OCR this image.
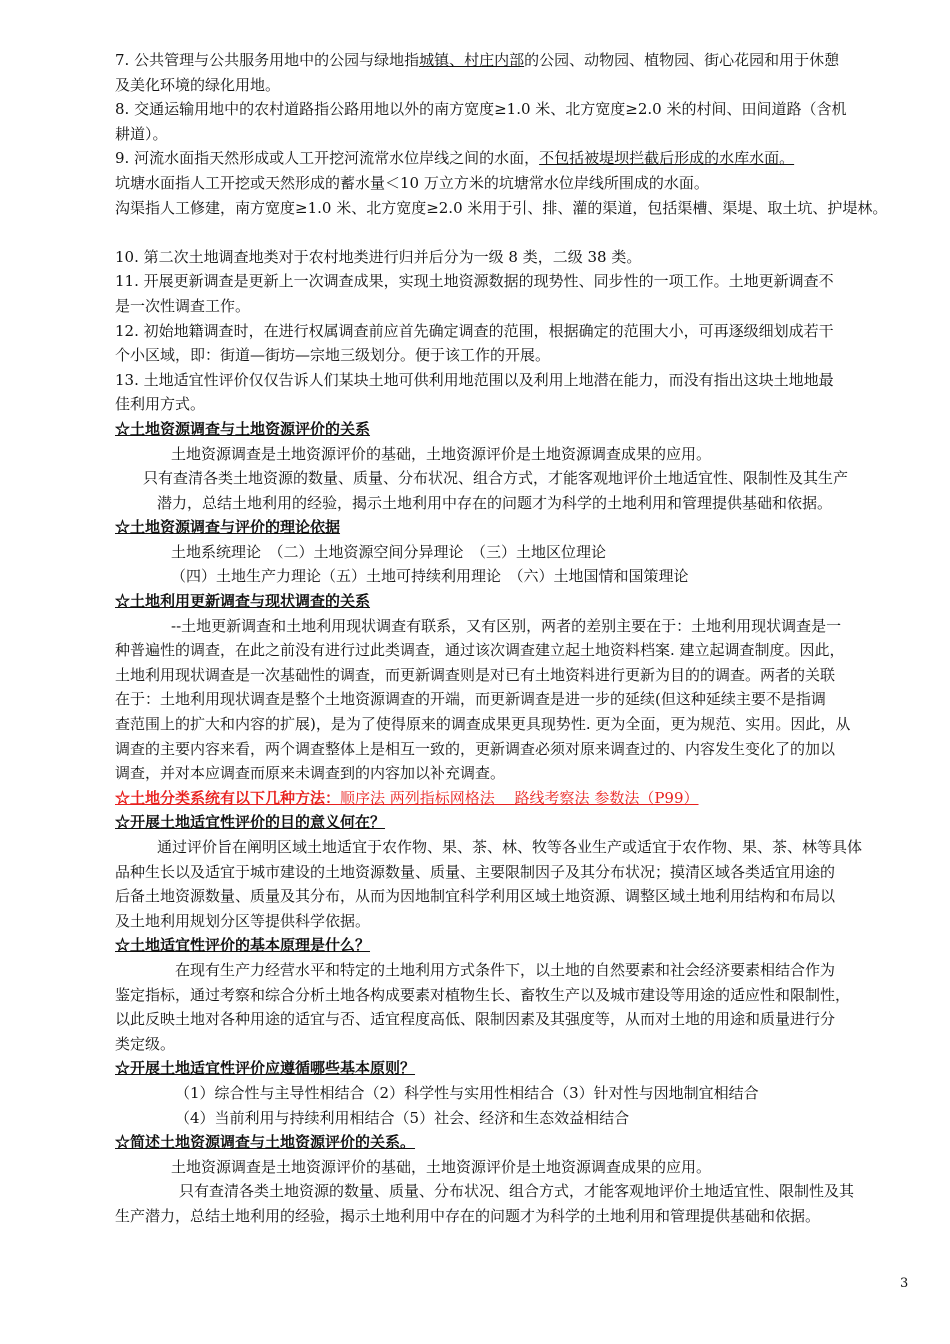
7. 公共管理与公共服务用地中的公园与绿地指城镇、村庄内部的公园、动物园、植物园、街心花园和用于休憩

及美化环境的绿化用地。

8. 交通运输用地中的农村道路指公路用地以外的南方宽度≥1.0 米、北方宽度≥2.0 米的村间、田间道路（含机

耕道）。

9. 河流水面指天然形成或人工开挖河流常水位岸线之间的水面，不包括被堤坝拦截后形成的水库水面。

坑塘水面指人工开挖或天然形成的蓄水量＜10 万立方米的坑塘常水位岸线所围成的水面。

沟渠指人工修建，南方宽度≥1.0 米、北方宽度≥2.0 米用于引、排、灌的渠道，包括渠槽、渠堤、取土坑、护堤林。

10. 第二次土地调查地类对于农村地类进行归并后分为一级 8 类，二级 38 类。

11. 开展更新调查是更新上一次调查成果，实现土地资源数据的现势性、同步性的一项工作。土地更新调查不

是一次性调查工作。

12. 初始地籍调查时，在进行权属调查前应首先确定调查的范围，根据确定的范围大小，可再逐级细划成若干

个小区域，即：街道—街坊—宗地三级划分。便于该工作的开展。

13. 土地适宜性评价仅仅告诉人们某块土地可供利用地范围以及利用上地潜在能力，而没有指出这块土地地最

佳利用方式。

☆土地资源调查与土地资源评价的关系

土地资源调查是土地资源评价的基础，土地资源评价是土地资源调查成果的应用。

只有查清各类土地资源的数量、质量、分布状况、组合方式，才能客观地评价土地适宜性、限制性及其生产

潜力，总结土地利用的经验，揭示土地利用中存在的问题才为科学的土地利用和管理提供基础和依据。

☆土地资源调查与评价的理论依据

土地系统理论　（二）土地资源空间分异理论　（三）土地区位理论

（四）土地生产力理论（五）土地可持续利用理论　（六）土地国情和国策理论

☆土地利用更新调查与现状调查的关系

--土地更新调查和土地利用现状调查有联系，又有区别，两者的差别主要在于：土地利用现状调查是一

种普遍性的调查，在此之前没有进行过此类调查，通过该次调查建立起土地资料档案. 建立起调查制度。因此，

土地利用现状调查是一次基础性的调查，而更新调查则是对已有土地资料进行更新为目的的调查。两者的关联

在于：土地利用现状调查是整个土地资源调查的开端，而更新调查是进一步的延续(但这种延续主要不是指调

查范围上的扩大和内容的扩展)，是为了使得原来的调查成果更具现势性. 更为全面，更为规范、实用。因此，从

调查的主要内容来看，两个调查整体上是相互一致的，更新调查必须对原来调查过的、内容发生变化了的加以

调查，并对本应调查而原来未调查到的内容加以补充调查。

☆土地分类系统有以下几种方法：顺序法 两列指标网格法　 路线考察法 参数法（P99）

☆开展土地适宜性评价的目的意义何在？

通过评价旨在阐明区域土地适宜于农作物、果、茶、林、牧等各业生产或适宜于农作物、果、茶、林等具体

品种生长以及适宜于城市建设的土地资源数量、质量、主要限制因子及其分布状况；摸清区域各类适宜用途的

后备土地资源数量、质量及其分布，从而为因地制宜科学利用区域土地资源、调整区域土地利用结构和布局以

及土地利用规划分区等提供科学依据。

☆土地适宜性评价的基本原理是什么？

在现有生产力经营水平和特定的土地利用方式条件下，以土地的自然要素和社会经济要素相结合作为

鉴定指标，通过考察和综合分析土地各构成要素对植物生长、畜牧生产以及城市建设等用途的适应性和限制性，

以此反映土地对各种用途的适宜与否、适宜程度高低、限制因素及其强度等，从而对土地的用途和质量进行分

类定级。

☆开展土地适宜性评价应遵循哪些基本原则？

（1）综合性与主导性相结合（2）科学性与实用性相结合（3）针对性与因地制宜相结合

（4）当前利用与持续利用相结合（5）社会、经济和生态效益相结合

☆简述土地资源调查与土地资源评价的关系。

土地资源调查是土地资源评价的基础，土地资源评价是土地资源调查成果的应用。

只有查清各类土地资源的数量、质量、分布状况、组合方式，才能客观地评价土地适宜性、限制性及其

生产潜力，总结土地利用的经验，揭示土地利用中存在的问题才为科学的土地利用和管理提供基础和依据。

3
